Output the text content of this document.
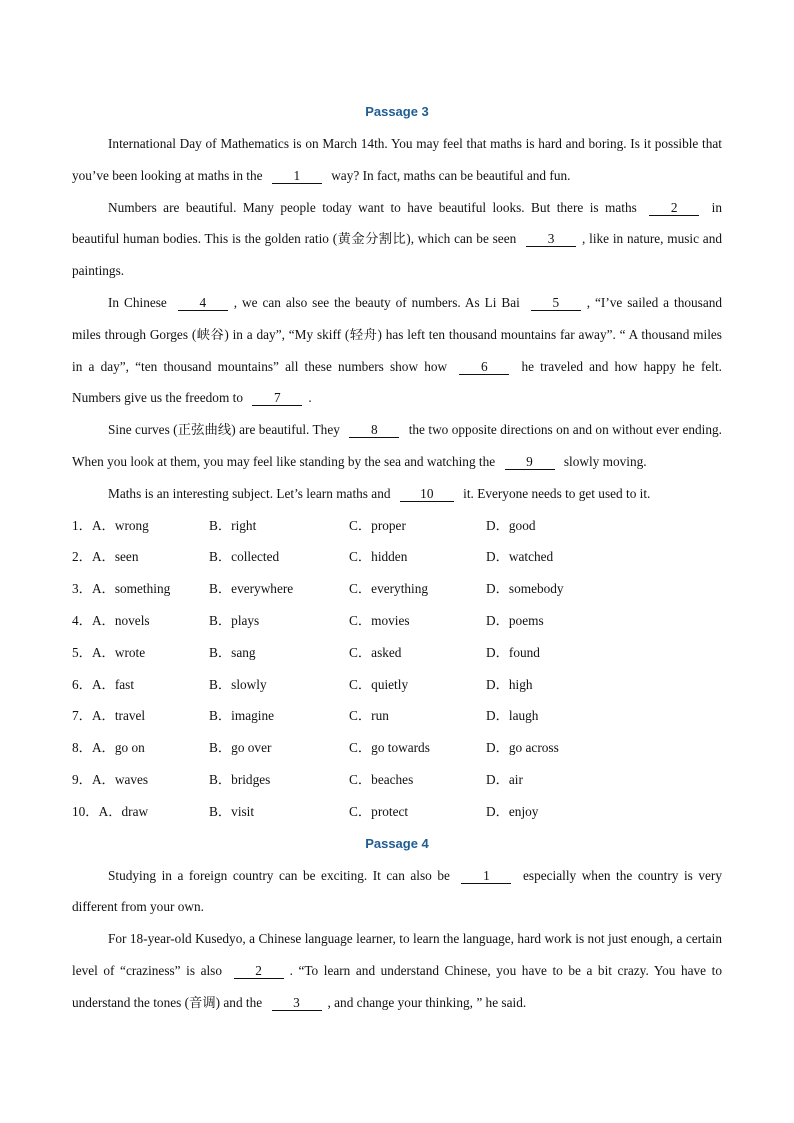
Passage 3

International Day of Mathematics is on March 14th. You may feel that maths is hard and boring. Is it possible that you’ve been looking at maths in the 1 way? In fact, maths can be beautiful and fun.

Numbers are beautiful. Many people today want to have beautiful looks. But there is maths	2	in beautiful human bodies. This is the golden ratio (黄金分割比), which can be seen 3 , like in nature, music and paintings.

In Chinese 4 , we can also see the beauty of numbers. As Li Bai 5 , “I’ve sailed a thousand miles through Gorges (峡谷) in a day”, “My skiff (轻舟) has left ten thousand mountains far away”. “ A thousand miles in a day”, “ten thousand mountains” all these numbers show how	6	he traveled and how happy he felt. Numbers give us the freedom to 7 .

Sine curves (正弦曲线) are beautiful. They 8 the two opposite directions on and on without ever ending. When you look at them, you may feel like standing by the sea and watching the 9 slowly moving.

Maths is an interesting subject. Let’s learn maths and 10 it. Everyone needs to get used to it.

1．A．wrong	B．right	C．proper	D．good
2．A．seen	B．collected	C．hidden	D．watched
3．A．something	B．everywhere	C．everything	D．somebody
4．A．novels	B．plays	C．movies	D．poems
5．A．wrote	B．sang	C．asked	D．found
6．A．fast	B．slowly	C．quietly	D．high
7．A．travel	B．imagine	C．run	D．laugh
8．A．go on	B．go over	C．go towards	D．go across
9．A．waves	B．bridges	C．beaches	D．air
10．A．draw	B．visit	C．protect	D．enjoy
Passage 4

Studying in a foreign country can be exciting. It can also be 1 especially when the country is very different from your own.

For 18-year-old Kusedyo, a Chinese language learner, to learn the language, hard work is not just enough, a certain level of “craziness” is also 2 . “To learn and understand Chinese, you have to be a bit crazy. You have to understand the tones (音调) and the 3 , and change your thinking, ” he said.
